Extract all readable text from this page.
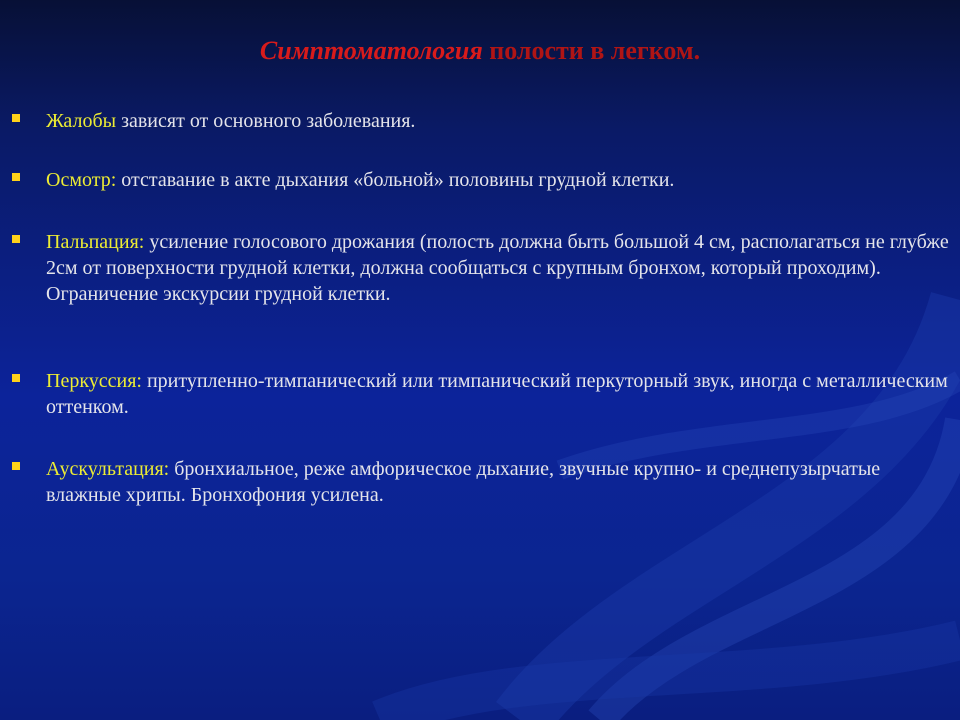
Симптоматология полости в легком.
Жалобы зависят от основного заболевания.
Осмотр: отставание в акте дыхания «больной» половины грудной клетки.
Пальпация: усиление голосового дрожания (полость должна быть большой 4 см, располагаться не глубже 2см от поверхности грудной клетки, должна сообщаться с крупным бронхом, который проходим). Ограничение экскурсии грудной клетки.
Перкуссия: притупленно-тимпанический или тимпанический перкуторный звук, иногда с металлическим оттенком.
Аускультация: бронхиальное, реже амфорическое дыхание, звучные крупно- и среднепузырчатые влажные хрипы. Бронхофония усилена.
